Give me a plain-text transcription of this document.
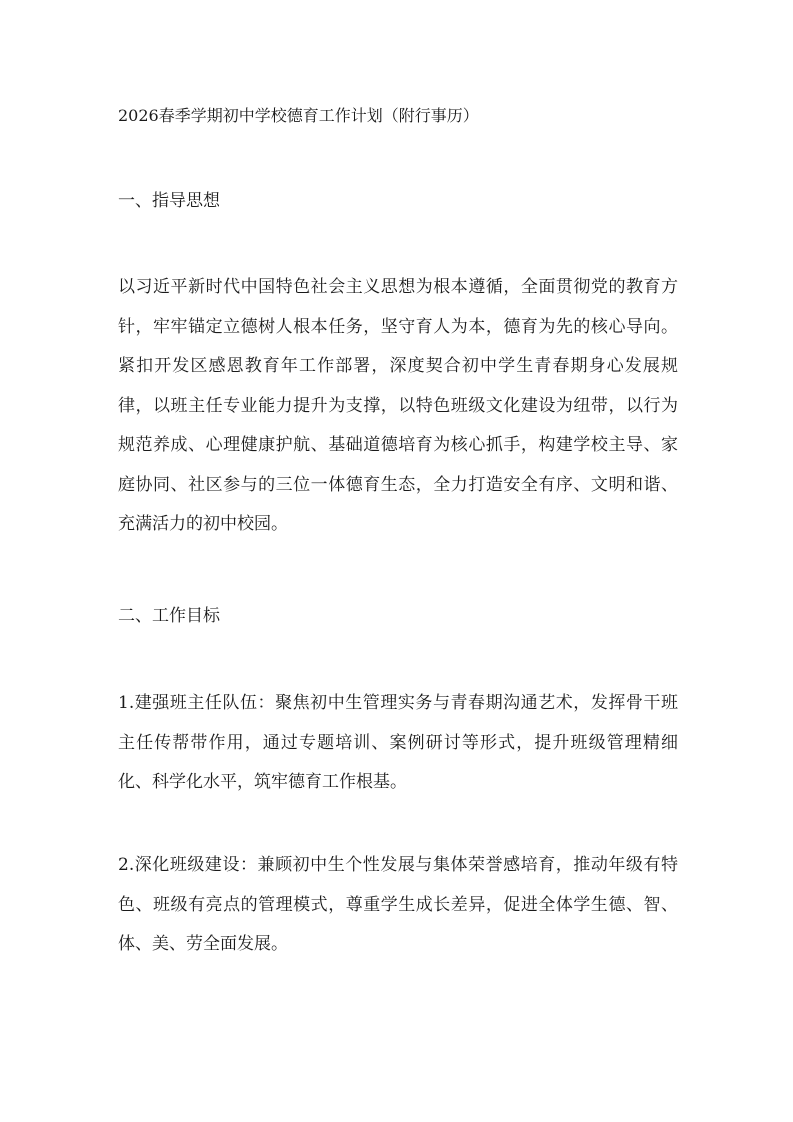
2026春季学期初中学校德育工作计划（附行事历）
一、指导思想

以习近平新时代中国特色社会主义思想为根本遵循，全面贯彻党的教育方针，牢牢锚定立德树人根本任务，坚守育人为本，德育为先的核心导向。紧扣开发区感恩教育年工作部署，深度契合初中学生青春期身心发展规律，以班主任专业能力提升为支撑，以特色班级文化建设为纽带，以行为规范养成、心理健康护航、基础道德培育为核心抓手，构建学校主导、家庭协同、社区参与的三位一体德育生态，全力打造安全有序、文明和谐、充满活力的初中校园。

二、工作目标

1.建强班主任队伍：聚焦初中生管理实务与青春期沟通艺术，发挥骨干班主任传帮带作用，通过专题培训、案例研讨等形式，提升班级管理精细化、科学化水平，筑牢德育工作根基。

2.深化班级建设：兼顾初中生个性发展与集体荣誉感培育，推动年级有特色、班级有亮点的管理模式，尊重学生成长差异，促进全体学生德、智、体、美、劳全面发展。
